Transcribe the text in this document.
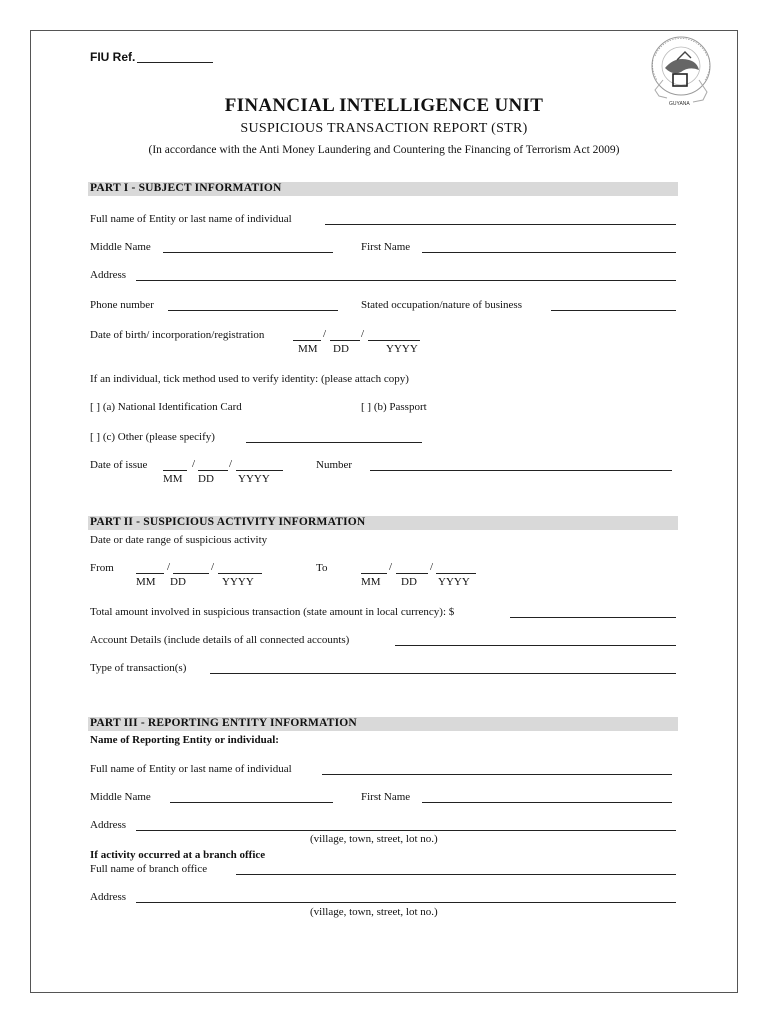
FIU Ref.
GUYANA
FINANCIAL INTELLIGENCE UNIT
SUSPICIOUS TRANSACTION REPORT (STR)
(In accordance with the Anti Money Laundering and Countering the Financing of Terrorism Act 2009)
PART I - SUBJECT INFORMATION
Full name of Entity or last name of individual
Middle Name	First Name
Address
Phone number	Stated occupation/nature of business
Date of birth/ incorporation/registration	/	/
MM DD	YYYY
If an individual, tick method used to verify identity: (please attach copy)
[ ] (a) National Identification Card	[ ] (b) Passport
[ ] (c) Other (please specify)
Date of issue	/	/
MM DD YYYY
Number
PART II - SUSPICIOUS ACTIVITY INFORMATION
Date or date range of suspicious activity
From	/	/
MM DD	YYYY
To	/	/
MM DD YYYY
Total amount involved in suspicious transaction (state amount in local currency): $
Account Details (include details of all connected accounts)
Type of transaction(s)
PART III - REPORTING ENTITY INFORMATION
Name of Reporting Entity or individual:
Full name of Entity or last name of individual
Middle Name	First Name
Address
(village, town, street, lot no.)
If activity occurred at a branch office
Full name of branch office
Address
(village, town, street, lot no.)
